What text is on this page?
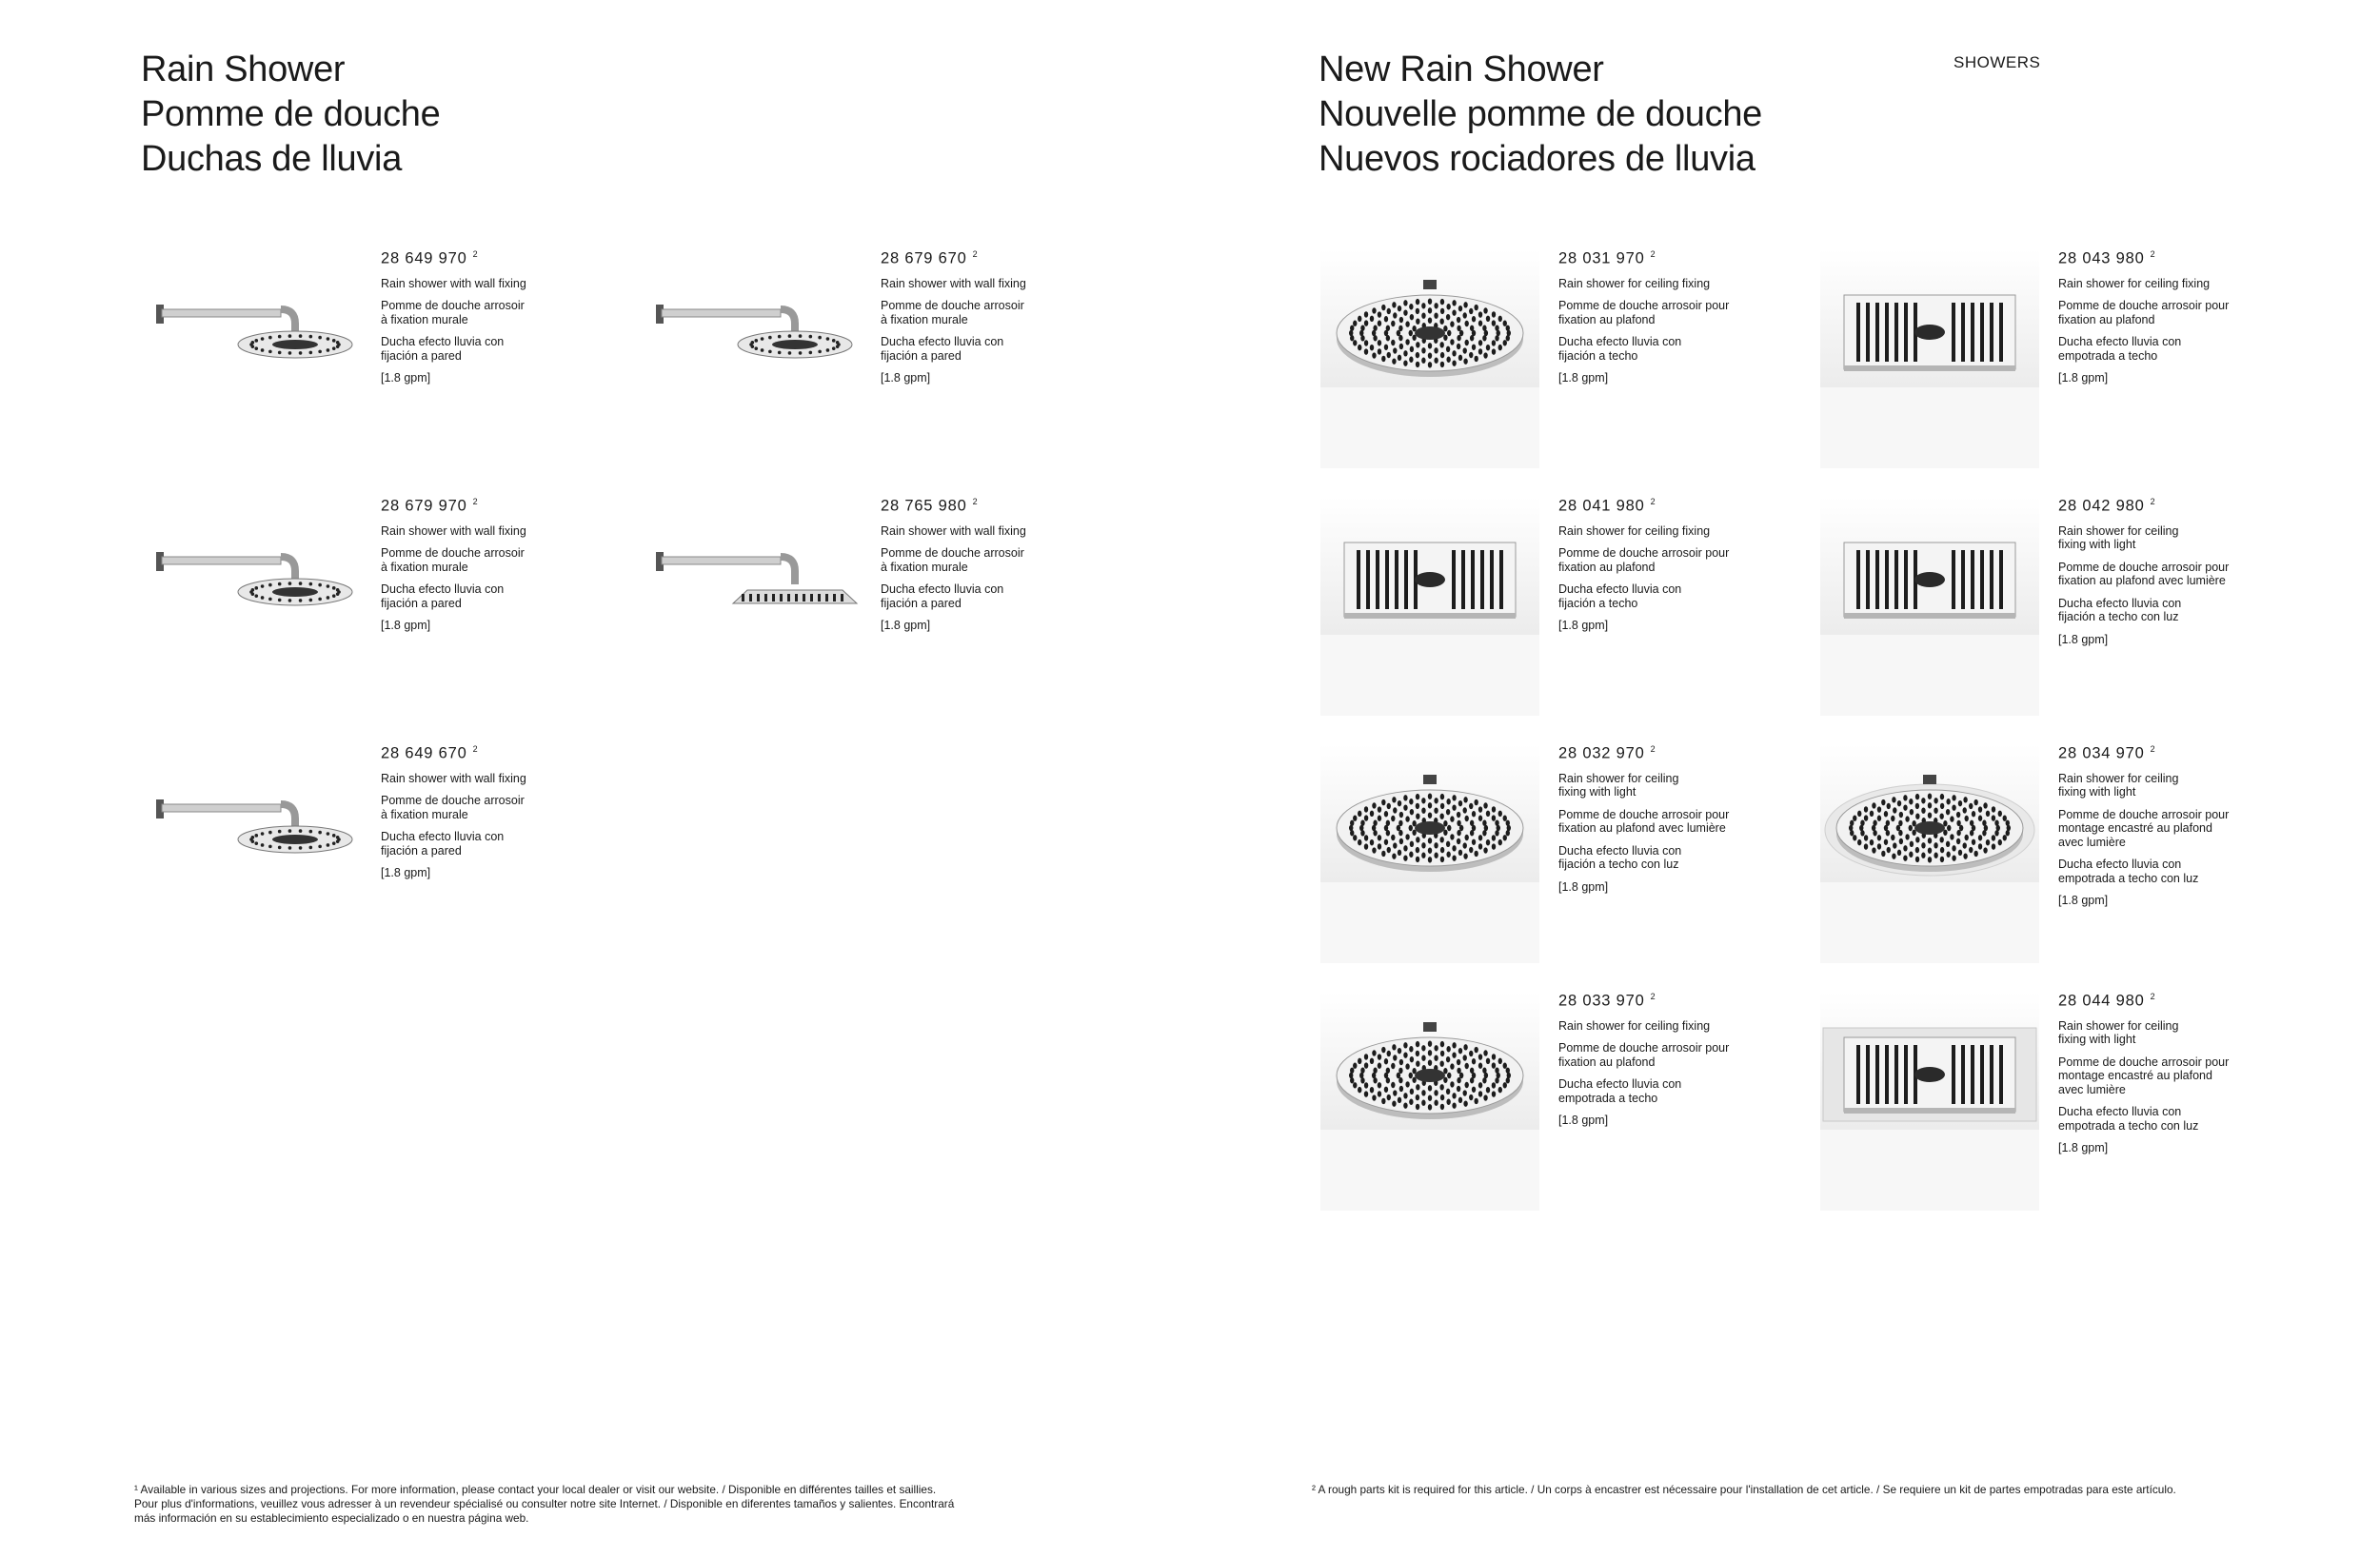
Rain Shower
Pomme de douche
Duchas de lluvia
New Rain Shower
Nouvelle pomme de douche
Nuevos rociadores de lluvia
SHOWERS
28 649 970 $^2$
Rain shower with wall fixing
Pomme de douche arrosoir
à fixation murale
Ducha efecto lluvia con
fijación a pared
[1.8 gpm]
28 679 670 $^2$
Rain shower with wall fixing
Pomme de douche arrosoir
à fixation murale
Ducha efecto lluvia con
fijación a pared
[1.8 gpm]
28 679 970 $^2$
Rain shower with wall fixing
Pomme de douche arrosoir
à fixation murale
Ducha efecto lluvia con
fijación a pared
[1.8 gpm]
28 765 980 $^2$
Rain shower with wall fixing
Pomme de douche arrosoir
à fixation murale
Ducha efecto lluvia con
fijación a pared
[1.8 gpm]
28 649 670 $^2$
Rain shower with wall fixing
Pomme de douche arrosoir
à fixation murale
Ducha efecto lluvia con
fijación a pared
[1.8 gpm]
28 031 970 $^2$
Rain shower for ceiling fixing
Pomme de douche arrosoir pour
fixation au plafond
Ducha efecto lluvia con
fijación a techo
[1.8 gpm]
28 043 980 $^2$
Rain shower for ceiling fixing
Pomme de douche arrosoir pour
fixation au plafond
Ducha efecto lluvia con
empotrada a techo
[1.8 gpm]
28 041 980 $^2$
Rain shower for ceiling fixing
Pomme de douche arrosoir pour
fixation au plafond
Ducha efecto lluvia con
fijación a techo
[1.8 gpm]
28 042 980 $^2$
Rain shower for ceiling
fixing with light
Pomme de douche arrosoir pour
fixation au plafond avec lumière
Ducha efecto lluvia con
fijación a techo con luz
[1.8 gpm]
28 032 970 $^2$
Rain shower for ceiling
fixing with light
Pomme de douche arrosoir pour
fixation au plafond avec lumière
Ducha efecto lluvia con
fijación a techo con luz
[1.8 gpm]
28 034 970 $^2$
Rain shower for ceiling
fixing with light
Pomme de douche arrosoir pour
montage encastré au plafond
avec lumière
Ducha efecto lluvia con
empotrada a techo con luz
[1.8 gpm]
28 033 970 $^2$
Rain shower for ceiling fixing
Pomme de douche arrosoir pour
fixation au plafond
Ducha efecto lluvia con
empotrada a techo
[1.8 gpm]
28 044 980 $^2$
Rain shower for ceiling
fixing with light
Pomme de douche arrosoir pour
montage encastré au plafond
avec lumière
Ducha efecto lluvia con
empotrada a techo con luz
[1.8 gpm]
¹ Available in various sizes and projections. For more information, please contact your local dealer or visit our website. / Disponible en différentes tailles et saillies.
Pour plus d'informations, veuillez vous adresser à un revendeur spécialisé ou consulter notre site Internet. / Disponible en diferentes tamaños y salientes. Encontrará
más información en su establecimiento especializado o en nuestra página web.
² A rough parts kit is required for this article. / Un corps à encastrer est nécessaire pour l'installation de cet article. / Se requiere un kit de partes empotradas para este artículo.
